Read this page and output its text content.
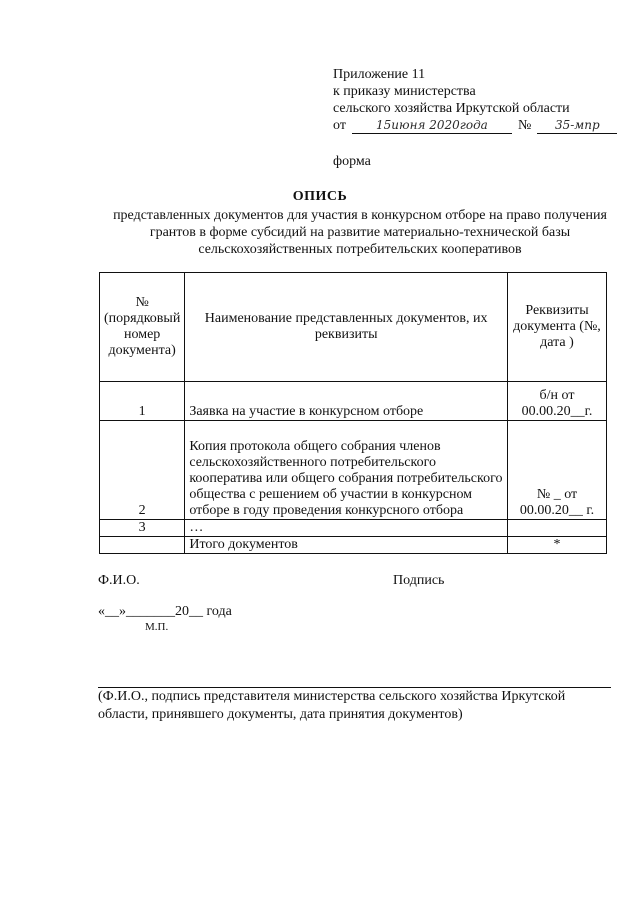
Приложение 11
к приказу министерства
сельского хозяйства Иркутской области
от	15июня 2020года	№	35-мпр
форма
ОПИСЬ
представленных документов для участия в конкурсном отборе на право получения грантов в форме субсидий на развитие материально-технической базы сельскохозяйственных потребительских кооперативов
№ (порядковый номер документа)	Наименование представленных документов, их реквизиты	Реквизиты документа (№, дата )
1	Заявка на участие в конкурсном отборе	б/н от 00.00.20__г.
2	Копия протокола общего собрания членов сельскохозяйственного потребительского кооператива или общего собрания потребительского общества с решением об участии в конкурсном отборе в году проведения конкурсного отбора	№ _ от 00.00.20__ г.
3	…	
	Итого документов	*
Ф.И.О.	Подпись
«__»_______20__ года
М.П.
(Ф.И.О., подпись представителя министерства сельского хозяйства Иркутской области, принявшего документы, дата принятия документов)
